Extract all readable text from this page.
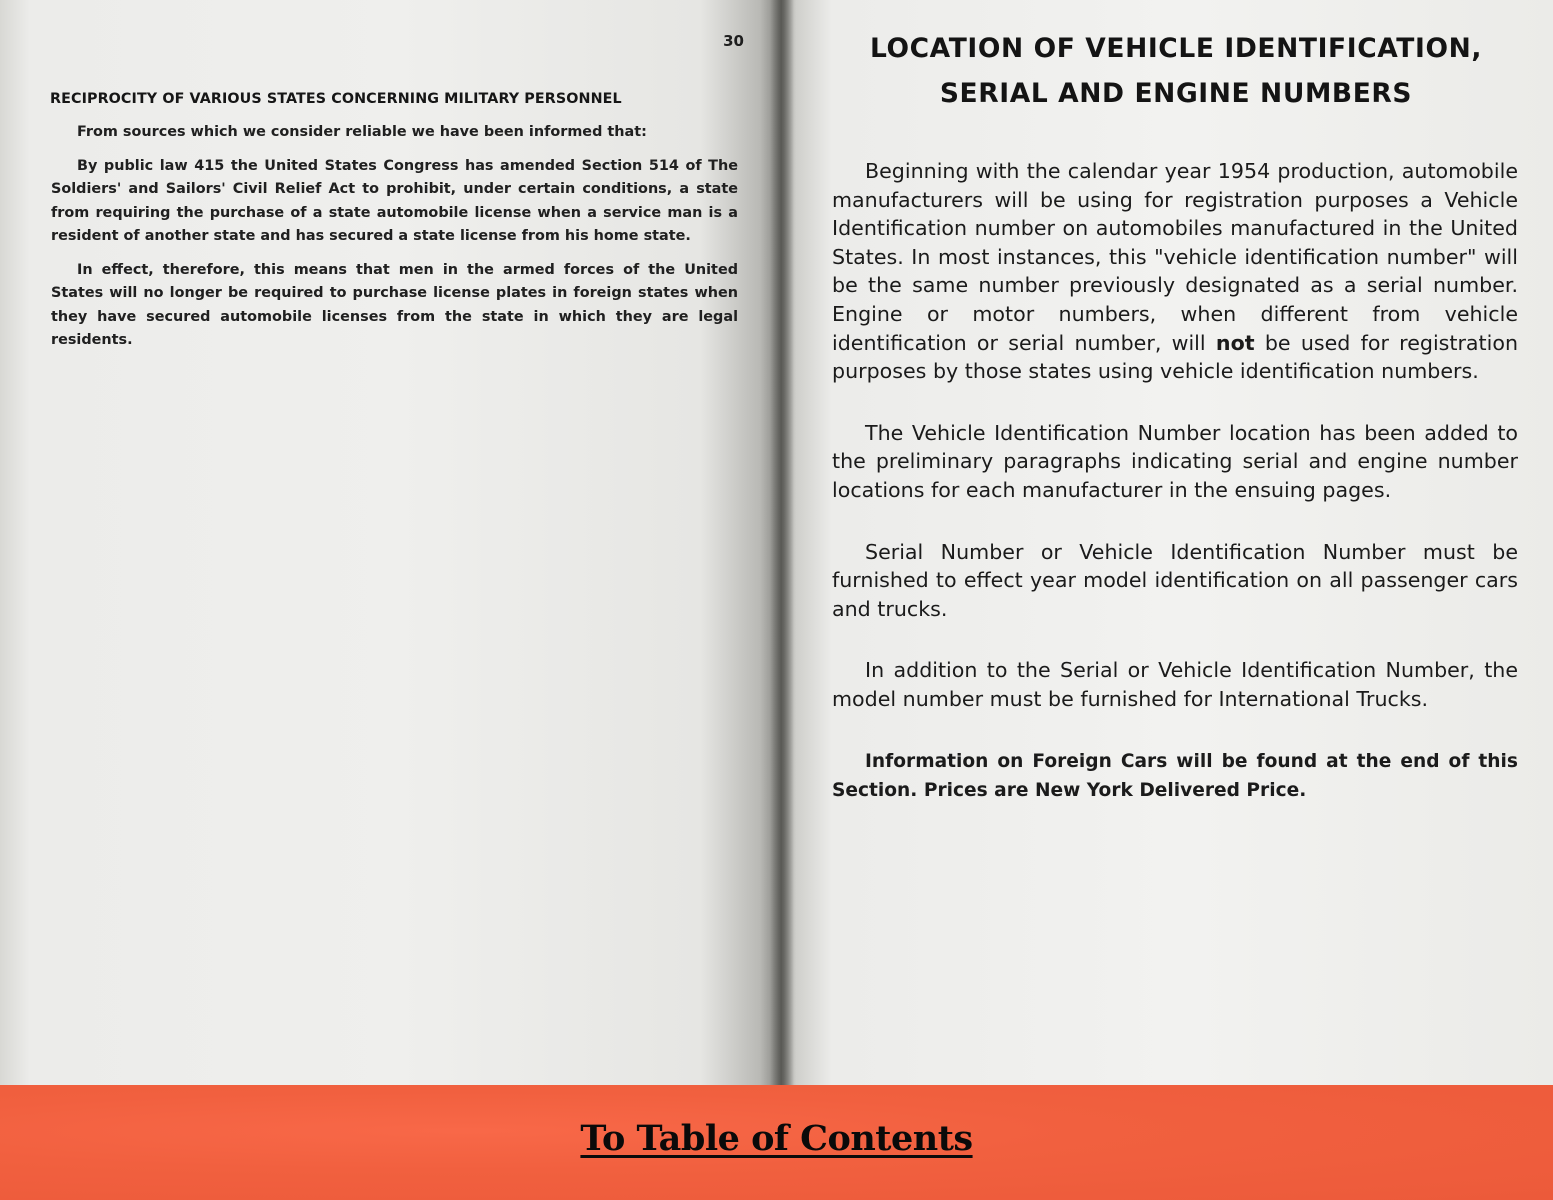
30
RECIPROCITY OF VARIOUS STATES CONCERNING MILITARY PERSONNEL

From sources which we consider reliable we have been informed that:

By public law 415 the United States Congress has amended Section 514 of The Soldiers' and Sailors' Civil Relief Act to prohibit, under certain conditions, a state from requiring the purchase of a state automobile license when a service man is a resident of another state and has secured a state license from his home state.

In effect, therefore, this means that men in the armed forces of the United States will no longer be required to purchase license plates in foreign states when they have secured automobile licenses from the state in which they are legal residents.

LOCATION OF VEHICLE IDENTIFICATION,
SERIAL AND ENGINE NUMBERS

Beginning with the calendar year 1954 production, automobile manufacturers will be using for registration purposes a Vehicle Identification number on automobiles manufactured in the United States. In most instances, this "vehicle identification number" will be the same number previously designated as a serial number. Engine or motor numbers, when different from vehicle identification or serial number, will not be used for registration purposes by those states using vehicle identification numbers.

The Vehicle Identification Number location has been added to the preliminary paragraphs indicating serial and engine number locations for each manufacturer in the ensuing pages.

Serial Number or Vehicle Identification Number must be furnished to effect year model identification on all passenger cars and trucks.

In addition to the Serial or Vehicle Identification Number, the model number must be furnished for International Trucks.

Information on Foreign Cars will be found at the end of this Section. Prices are New York Delivered Price.

To Table of Contents
